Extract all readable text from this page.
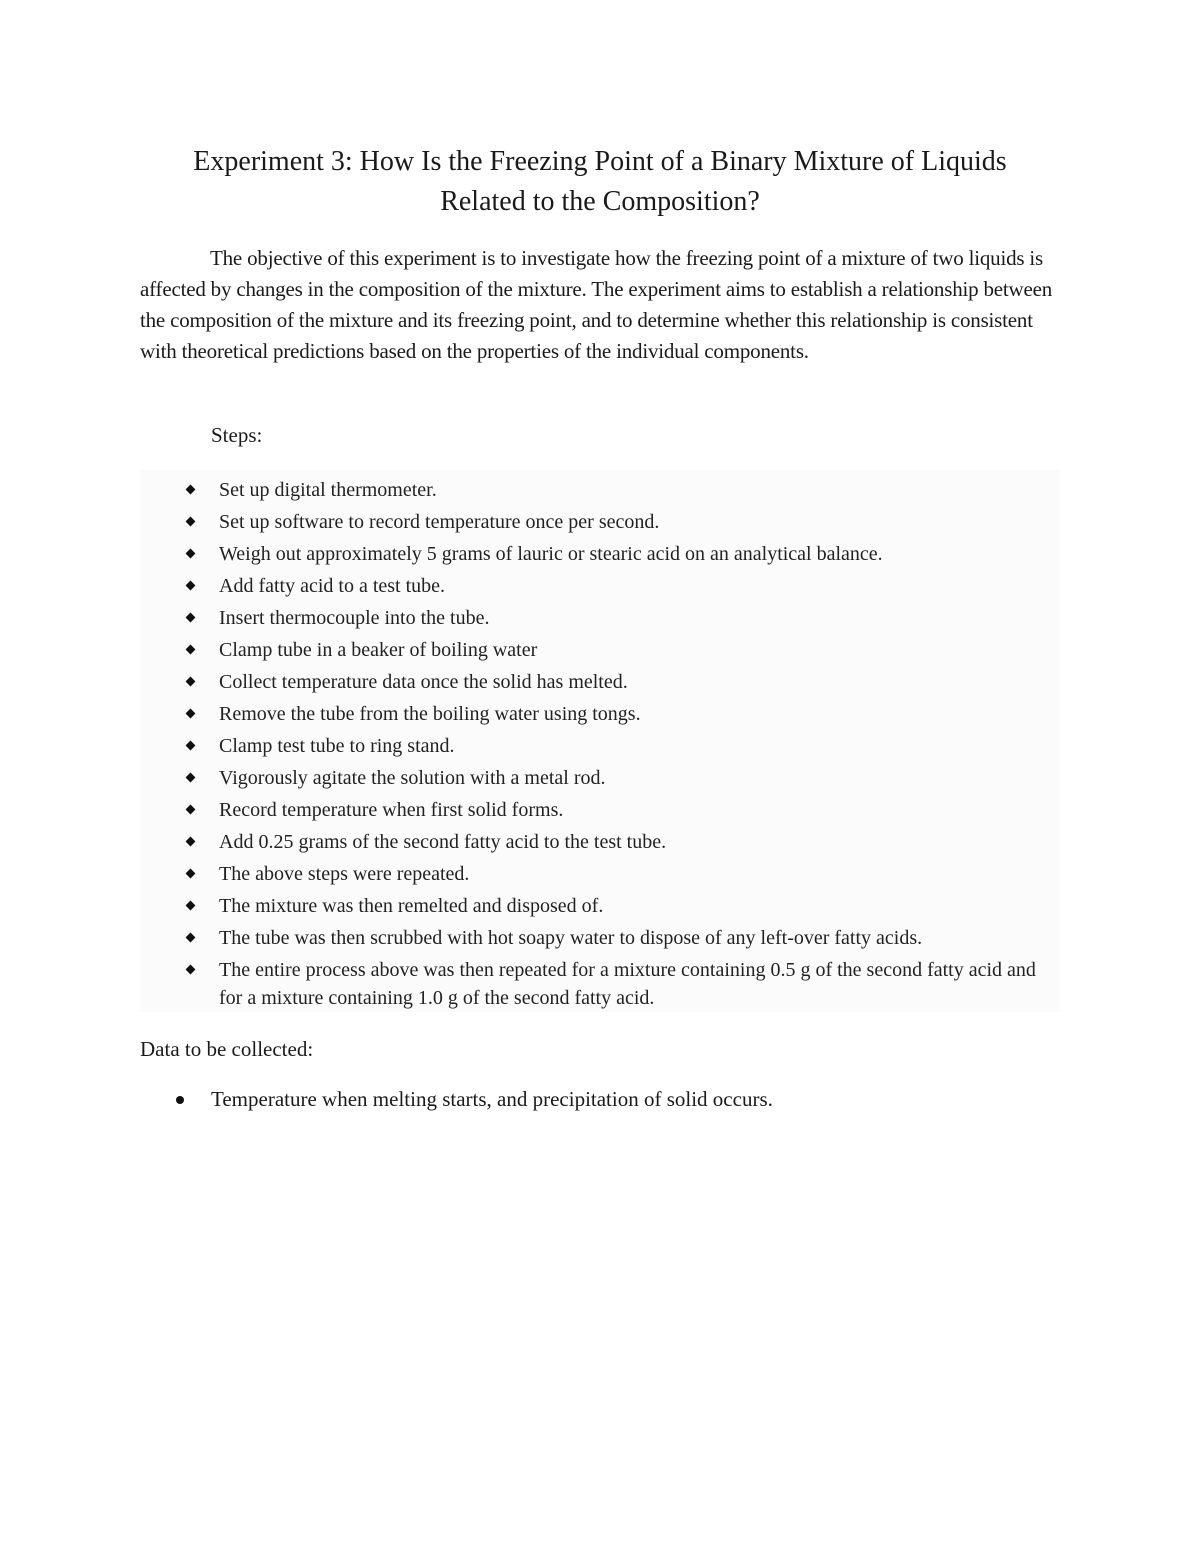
Experiment 3: How Is the Freezing Point of a Binary Mixture of Liquids
Related to the Composition?

The objective of this experiment is to investigate how the freezing point of a mixture of two liquids is affected by changes in the composition of the mixture. The experiment aims to establish a relationship between the composition of the mixture and its freezing point, and to determine whether this relationship is consistent with theoretical predictions based on the properties of the individual components.

Steps:

Set up digital thermometer.
Set up software to record temperature once per second.
Weigh out approximately 5 grams of lauric or stearic acid on an analytical balance.
Add fatty acid to a test tube.
Insert thermocouple into the tube.
Clamp tube in a beaker of boiling water
Collect temperature data once the solid has melted.
Remove the tube from the boiling water using tongs.
Clamp test tube to ring stand.
Vigorously agitate the solution with a metal rod.
Record temperature when first solid forms.
Add 0.25 grams of the second fatty acid to the test tube.
The above steps were repeated.
The mixture was then remelted and disposed of.
The tube was then scrubbed with hot soapy water to dispose of any left-over fatty acids.
The entire process above was then repeated for a mixture containing 0.5 g of the second fatty acid and for a mixture containing 1.0 g of the second fatty acid.

Data to be collected:

Temperature when melting starts, and precipitation of solid occurs.
